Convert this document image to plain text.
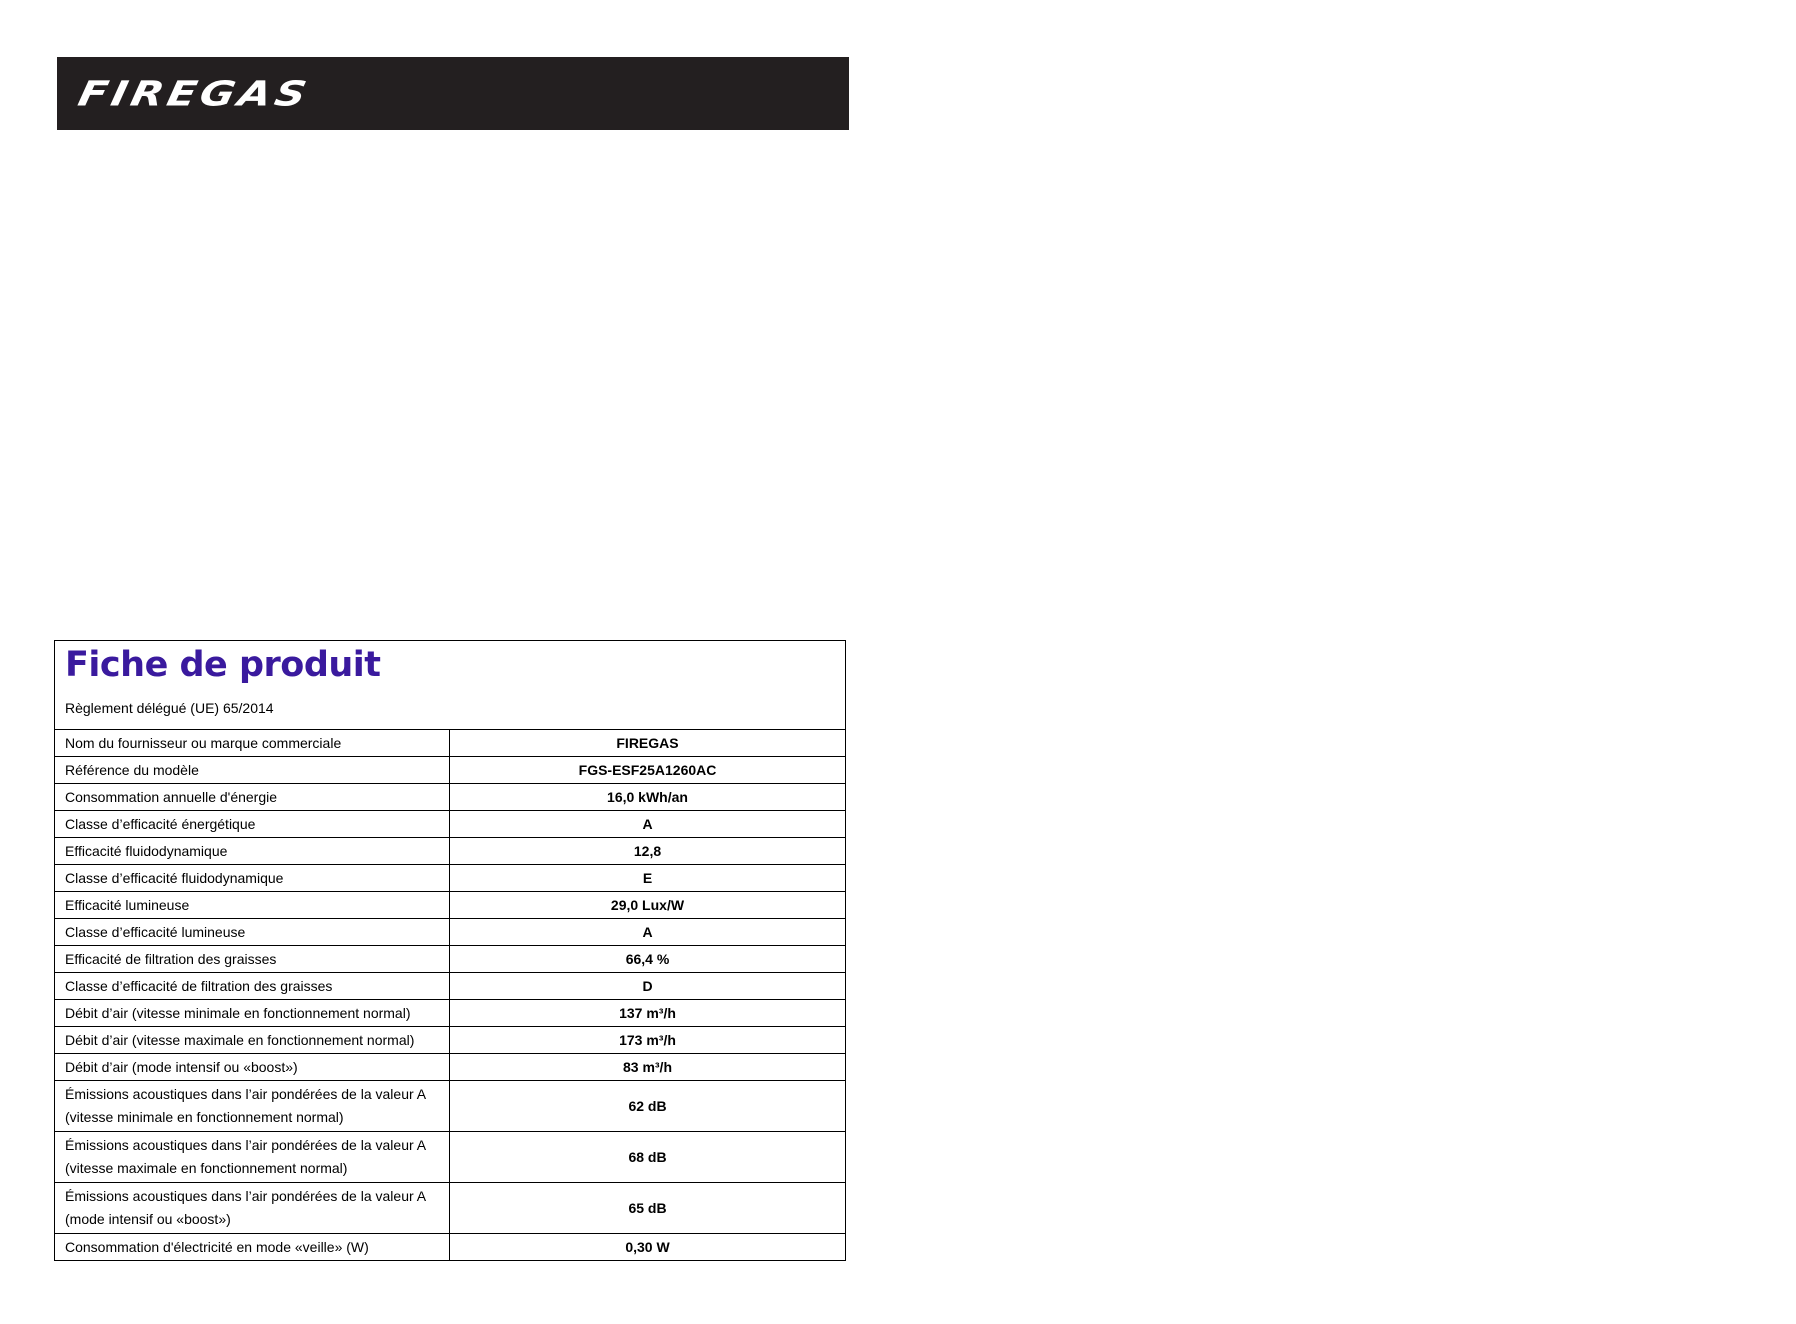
FIREGAS
Fiche de produit
Règlement délégué (UE) 65/2014
Nom du fournisseur ou marque commerciale	FIREGAS
Référence du modèle	FGS-ESF25A1260AC
Consommation annuelle d'énergie	16,0 kWh/an
Classe d’efficacité énergétique	A
Efficacité fluidodynamique	12,8
Classe d’efficacité fluidodynamique	E
Efficacité lumineuse	29,0 Lux/W
Classe d’efficacité lumineuse	A
Efficacité de filtration des graisses	66,4 %
Classe d’efficacité de filtration des graisses	D
Débit d’air (vitesse minimale en fonctionnement normal)	137 m³/h
Débit d’air (vitesse maximale en fonctionnement normal)	173 m³/h
Débit d’air (mode intensif ou «boost»)	83 m³/h
Émissions acoustiques dans l’air pondérées de la valeur A (vitesse minimale en fonctionnement normal)	62 dB
Émissions acoustiques dans l’air pondérées de la valeur A (vitesse maximale en fonctionnement normal)	68 dB
Émissions acoustiques dans l’air pondérées de la valeur A (mode intensif ou «boost»)	65 dB
Consommation d'électricité en mode «veille» (W)	0,30 W
